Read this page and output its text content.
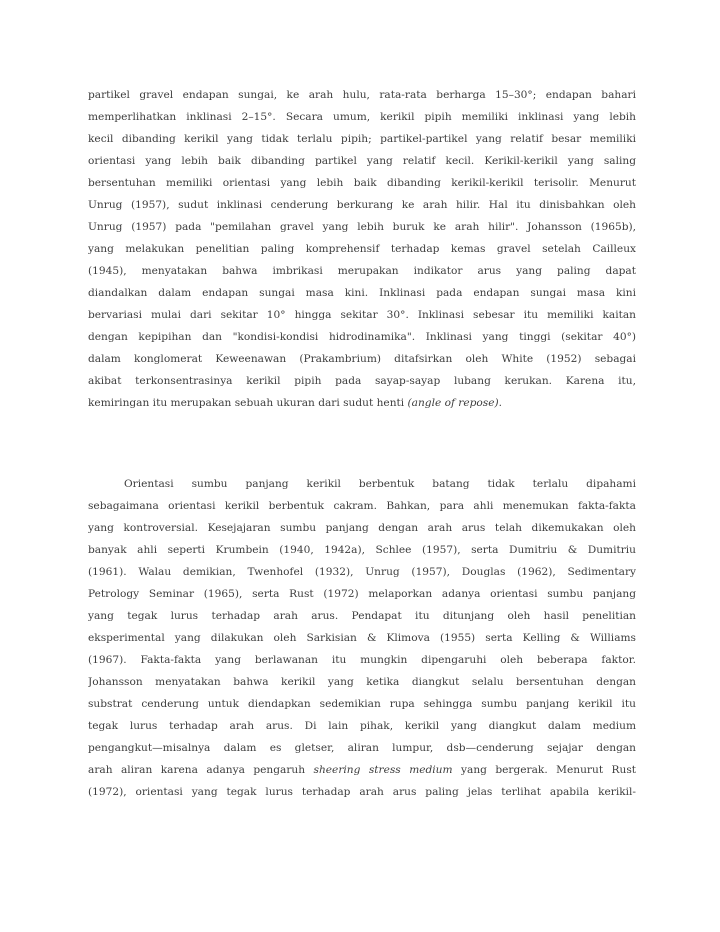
partikel gravel endapan sungai, ke arah hulu, rata-rata berharga 15–30°; endapan bahari
memperlihatkan inklinasi 2–15°. Secara umum, kerikil pipih memiliki inklinasi yang lebih
kecil dibanding kerikil yang tidak terlalu pipih; partikel-partikel yang relatif besar memiliki
orientasi yang lebih baik dibanding partikel yang relatif kecil. Kerikil-kerikil yang saling
bersentuhan memiliki orientasi yang lebih baik dibanding kerikil-kerikil terisolir. Menurut
Unrug (1957), sudut inklinasi cenderung berkurang ke arah hilir. Hal itu dinisbahkan oleh
Unrug (1957) pada "pemilahan gravel yang lebih buruk ke arah hilir". Johansson (1965b),
yang melakukan penelitian paling komprehensif terhadap kemas gravel setelah Cailleux
(1945), menyatakan bahwa imbrikasi merupakan indikator arus yang paling dapat
diandalkan dalam endapan sungai masa kini. Inklinasi pada endapan sungai masa kini
bervariasi mulai dari sekitar 10° hingga sekitar 30°. Inklinasi sebesar itu memiliki kaitan
dengan kepipihan dan "kondisi-kondisi hidrodinamika". Inklinasi yang tinggi (sekitar 40°)
dalam konglomerat Keweenawan (Prakambrium) ditafsirkan oleh White (1952) sebagai
akibat terkonsentrasinya kerikil pipih pada sayap-sayap lubang kerukan. Karena itu,
kemiringan itu merupakan sebuah ukuran dari sudut henti (angle of repose).
Orientasi sumbu panjang kerikil berbentuk batang tidak terlalu dipahami
sebagaimana orientasi kerikil berbentuk cakram. Bahkan, para ahli menemukan fakta-fakta
yang kontroversial. Kesejajaran sumbu panjang dengan arah arus telah dikemukakan oleh
banyak ahli seperti Krumbein (1940, 1942a), Schlee (1957), serta Dumitriu & Dumitriu
(1961). Walau demikian, Twenhofel (1932), Unrug (1957), Douglas (1962), Sedimentary
Petrology Seminar (1965), serta Rust (1972) melaporkan adanya orientasi sumbu panjang
yang tegak lurus terhadap arah arus. Pendapat itu ditunjang oleh hasil penelitian
eksperimental yang dilakukan oleh Sarkisian & Klimova (1955) serta Kelling & Williams
(1967). Fakta-fakta yang berlawanan itu mungkin dipengaruhi oleh beberapa faktor.
Johansson menyatakan bahwa kerikil yang ketika diangkut selalu bersentuhan dengan
substrat cenderung untuk diendapkan sedemikian rupa sehingga sumbu panjang kerikil itu
tegak lurus terhadap arah arus. Di lain pihak, kerikil yang diangkut dalam medium
pengangkut—misalnya dalam es gletser, aliran lumpur, dsb—cenderung sejajar dengan
arah aliran karena adanya pengaruh sheering stress medium yang bergerak. Menurut Rust
(1972), orientasi yang tegak lurus terhadap arah arus paling jelas terlihat apabila kerikil-
